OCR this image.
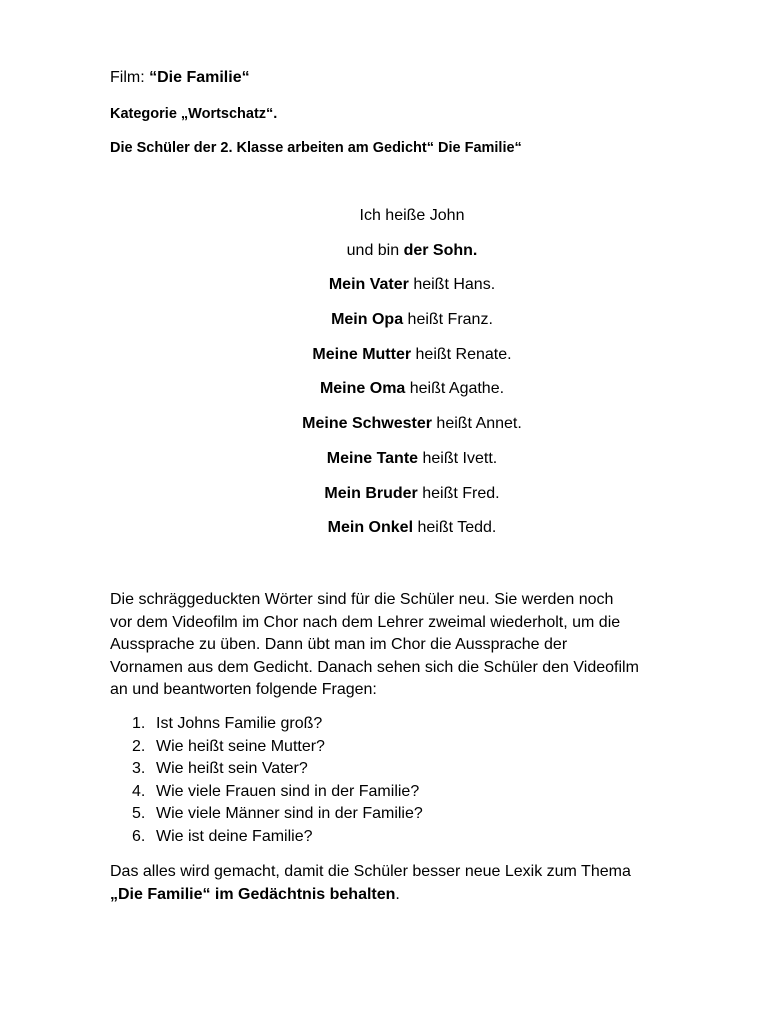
Film: “Die Familie“
Kategorie „Wortschatz“.
Die Schüler der 2. Klasse arbeiten am Gedicht“ Die Familie“
Ich heiße John
und bin der Sohn.
Mein Vater heißt Hans.
Mein Opa heißt Franz.
Meine Mutter heißt Renate.
Meine Oma heißt Agathe.
Meine Schwester heißt Annet.
Meine Tante heißt Ivett.
Mein Bruder heißt Fred.
Mein Onkel heißt Tedd.
Die schräggeduckten Wörter sind für die Schüler neu. Sie werden noch
vor dem Videofilm im Chor nach dem Lehrer zweimal wiederholt, um die
Aussprache zu üben. Dann übt man im Chor die Aussprache der
Vornamen aus dem Gedicht. Danach sehen sich die Schüler den Videofilm
an und beantworten folgende Fragen:
1. Ist Johns Familie groß?
2. Wie heißt seine Mutter?
3. Wie heißt sein Vater?
4. Wie viele Frauen sind in der Familie?
5. Wie viele Männer sind in der Familie?
6. Wie ist deine Familie?
Das alles wird gemacht, damit die Schüler besser neue Lexik zum Thema
„Die Familie“ im Gedächtnis behalten.
